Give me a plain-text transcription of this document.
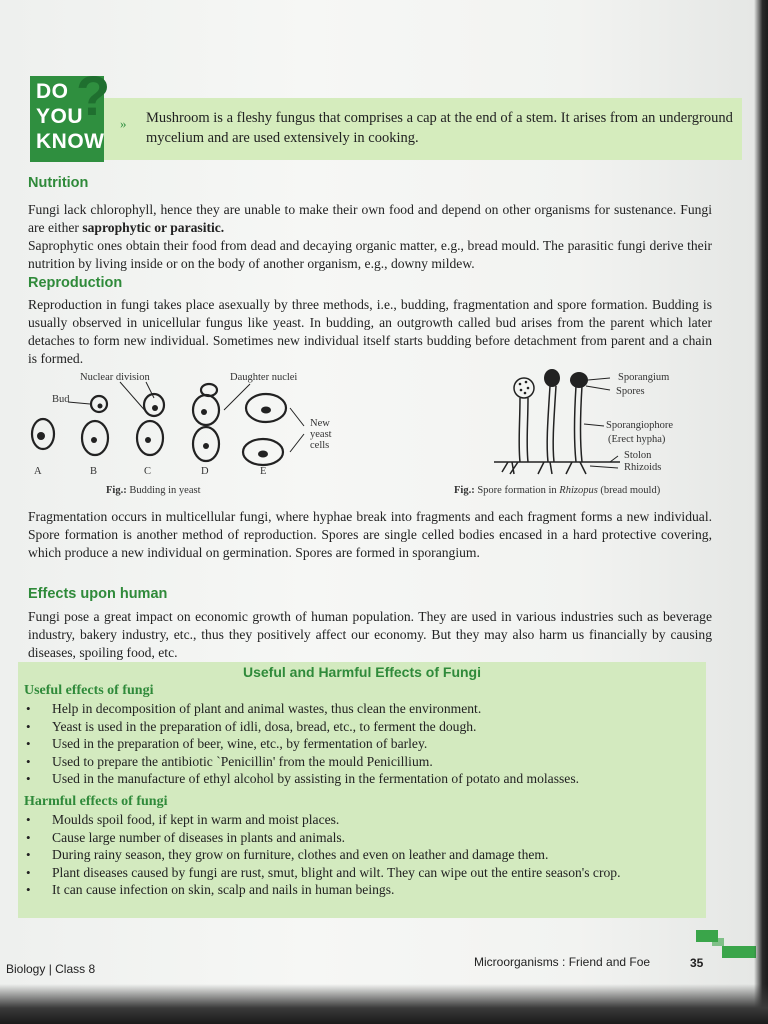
DO
YOU
KNOW
? » Mushroom is a fleshy fungus that comprises a cap at the end of a stem. It arises from an underground mycelium and are used extensively in cooking.

Nutrition

Fungi lack chlorophyll, hence they are unable to make their own food and depend on other organisms for sustenance. Fungi are either saprophytic or parasitic.

Saprophytic ones obtain their food from dead and decaying organic matter, e.g., bread mould. The parasitic fungi derive their nutrition by living inside or on the body of another organism, e.g., downy mildew.

Reproduction

Reproduction in fungi takes place asexually by three methods, i.e., budding, fragmentation and spore formation. Budding is usually observed in unicellular fungus like yeast. In budding, an outgrowth called bud arises from the parent which later detaches to form new individual. Sometimes new individual itself starts budding before detachment from parent and a chain is formed.

Nuclear division	Daughter nuclei
Bud
New yeast cells
A	B	C	D	E
Fig.: Budding in yeast
Sporangium
Spores
Sporangiophore
(Erect hypha)
Stolon
Rhizoids
Fig.: Spore formation in Rhizopus (bread mould)

Fragmentation occurs in multicellular fungi, where hyphae break into fragments and each fragment forms a new individual. Spore formation is another method of reproduction. Spores are single celled bodies encased in a hard protective covering, which produce a new individual on germination. Spores are formed in sporangium.

Effects upon human

Fungi pose a great impact on economic growth of human population. They are used in various industries such as beverage industry, bakery industry, etc., thus they positively affect our economy. But they may also harm us financially by causing diseases, spoiling food, etc.

Useful and Harmful Effects of Fungi
Useful effects of fungi
• Help in decomposition of plant and animal wastes, thus clean the environment.
• Yeast is used in the preparation of idli, dosa, bread, etc., to ferment the dough.
• Used in the preparation of beer, wine, etc., by fermentation of barley.
• Used to prepare the antibiotic `Penicillin' from the mould Penicillium.
• Used in the manufacture of ethyl alcohol by assisting in the fermentation of potato and molasses.
Harmful effects of fungi
• Moulds spoil food, if kept in warm and moist places.
• Cause large number of diseases in plants and animals.
• During rainy season, they grow on furniture, clothes and even on leather and damage them.
• Plant diseases caused by fungi are rust, smut, blight and wilt. They can wipe out the entire season's crop.
• It can cause infection on skin, scalp and nails in human beings.
Biology | Class 8	Microorganisms : Friend and Foe	35
